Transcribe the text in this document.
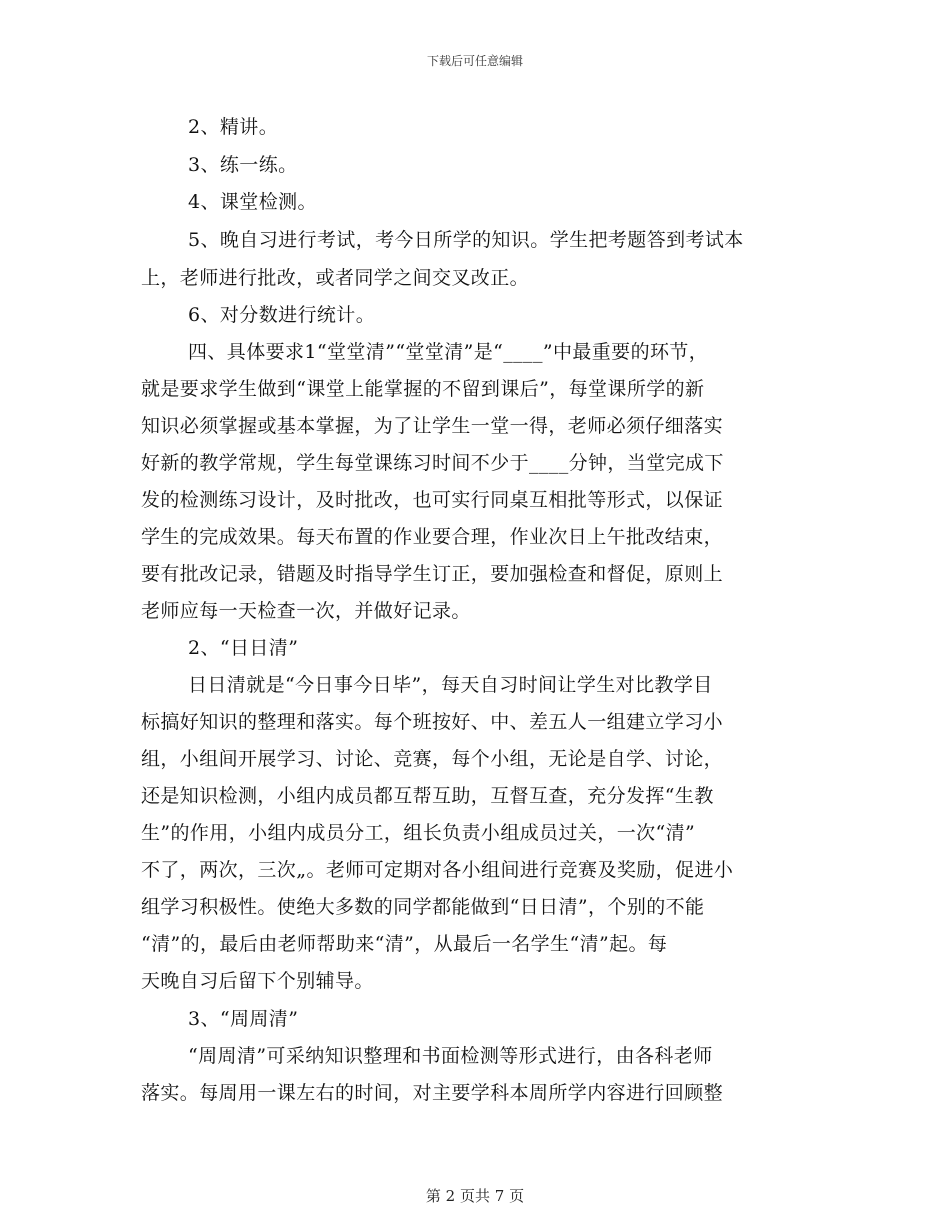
下载后可任意编辑
2、精讲。
3、练一练。
4、课堂检测。
5、晚自习进行考试，考今日所学的知识。学生把考题答到考试本
上，老师进行批改，或者同学之间交叉改正。
6、对分数进行统计。
四、具体要求1“堂堂清”“堂堂清”是“____”中最重要的环节，
就是要求学生做到“课堂上能掌握的不留到课后”，每堂课所学的新
知识必须掌握或基本掌握，为了让学生一堂一得，老师必须仔细落实
好新的教学常规，学生每堂课练习时间不少于____分钟，当堂完成下
发的检测练习设计，及时批改，也可实行同桌互相批等形式，以保证
学生的完成效果。每天布置的作业要合理，作业次日上午批改结束，
要有批改记录，错题及时指导学生订正，要加强检查和督促，原则上
老师应每一天检查一次，并做好记录。
2、“日日清”
日日清就是“今日事今日毕”，每天自习时间让学生对比教学目
标搞好知识的整理和落实。每个班按好、中、差五人一组建立学习小
组，小组间开展学习、讨论、竞赛，每个小组，无论是自学、讨论，
还是知识检测，小组内成员都互帮互助，互督互查，充分发挥“生教
生”的作用，小组内成员分工，组长负责小组成员过关，一次“清”
不了，两次，三次„。老师可定期对各小组间进行竞赛及奖励，促进小
组学习积极性。使绝大多数的同学都能做到“日日清”，个别的不能
“清”的，最后由老师帮助来“清”，从最后一名学生“清”起。每
天晚自习后留下个别辅导。
3、“周周清”
“周周清”可采纳知识整理和书面检测等形式进行，由各科老师
落实。每周用一课左右的时间，对主要学科本周所学内容进行回顾整
第 2 页共 7 页
